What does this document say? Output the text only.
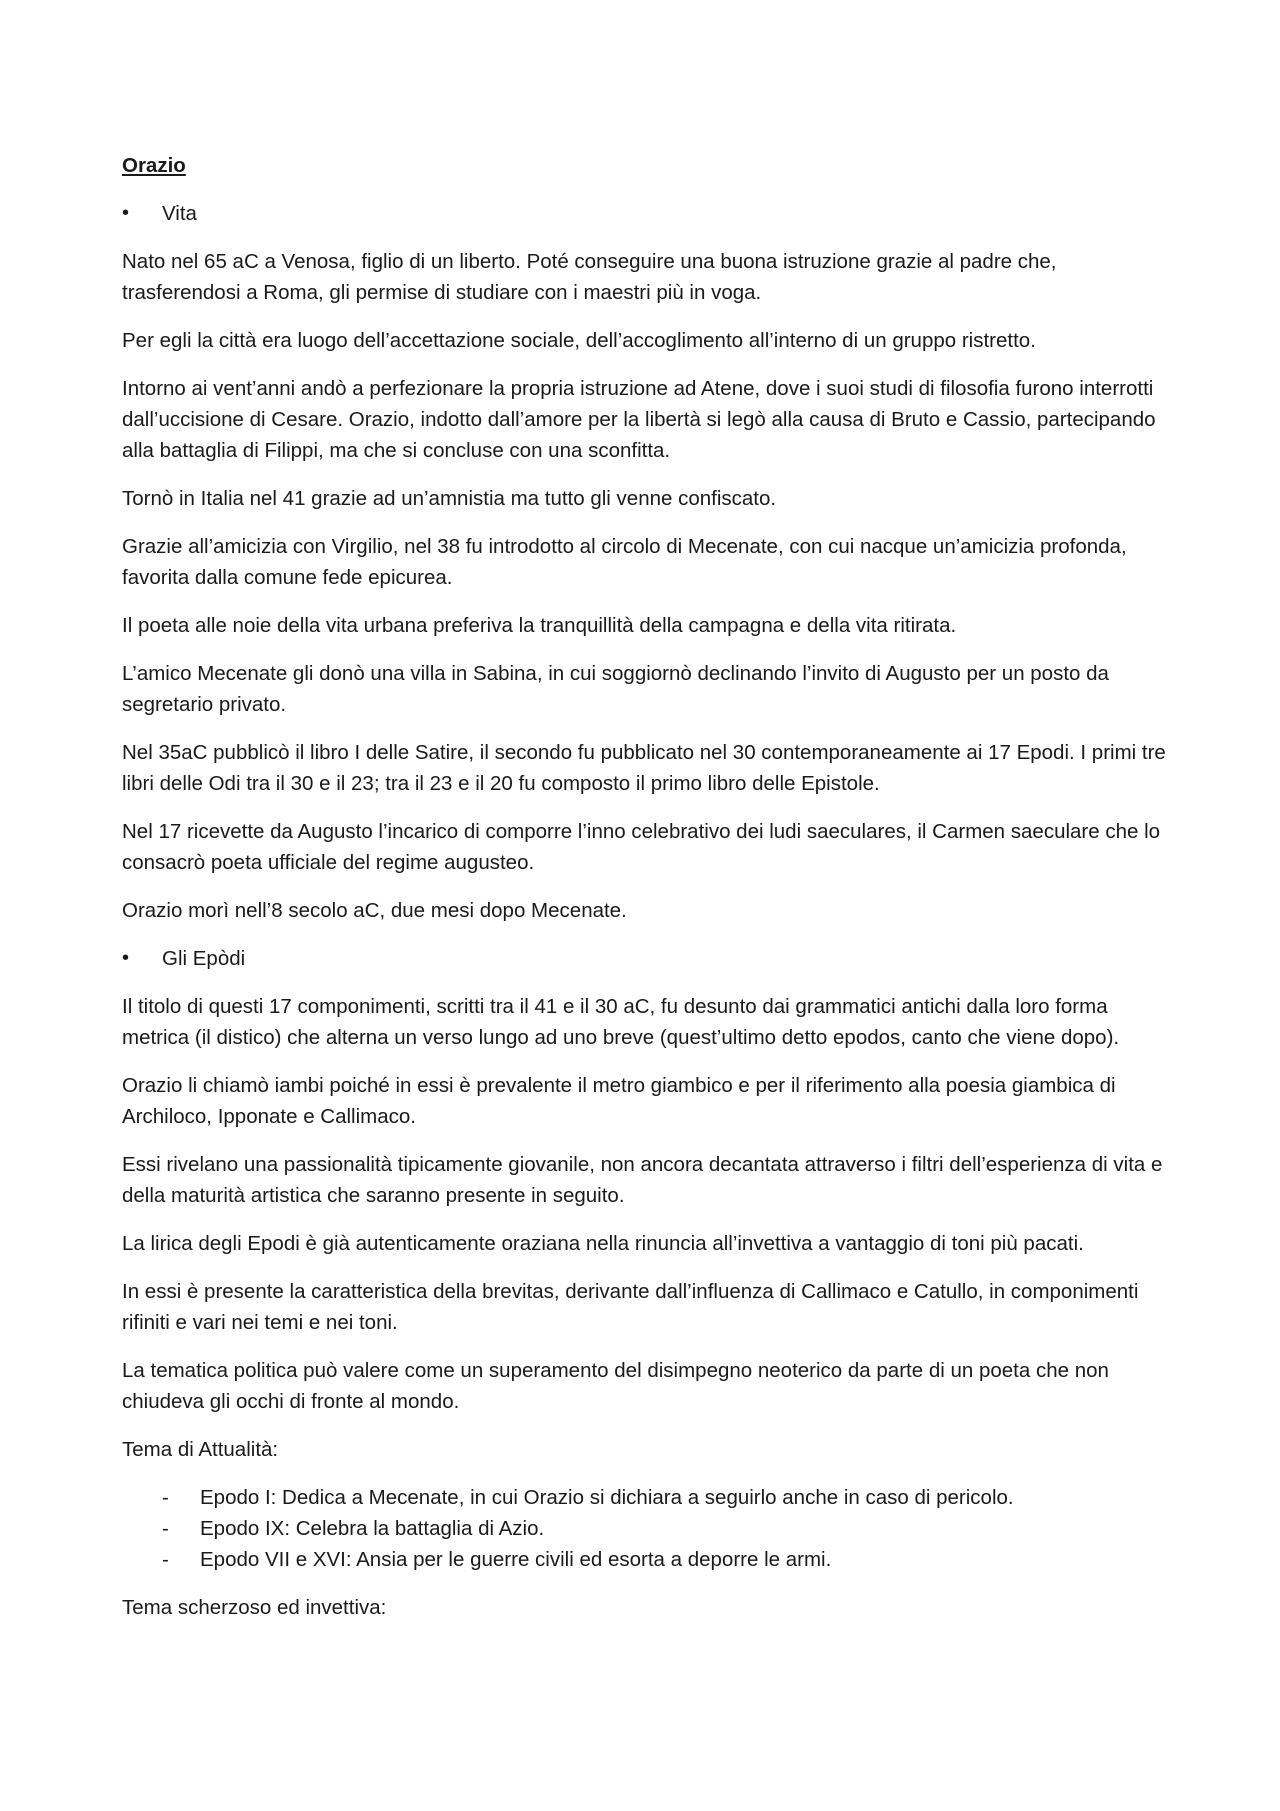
Orazio
•	Vita

Nato nel 65 aC a Venosa, figlio di un liberto. Poté conseguire una buona istruzione grazie al padre che, trasferendosi a Roma, gli permise di studiare con i maestri più in voga.

Per egli la città era luogo dell’accettazione sociale, dell’accoglimento all’interno di un gruppo ristretto.

Intorno ai vent’anni andò a perfezionare la propria istruzione ad Atene, dove i suoi studi di filosofia furono interrotti dall’uccisione di Cesare. Orazio, indotto dall’amore per la libertà si legò alla causa di Bruto e Cassio, partecipando alla battaglia di Filippi, ma che si concluse con una sconfitta.

Tornò in Italia nel 41 grazie ad un’amnistia ma tutto gli venne confiscato.

Grazie all’amicizia con Virgilio, nel 38 fu introdotto al circolo di Mecenate, con cui nacque un’amicizia profonda, favorita dalla comune fede epicurea.

Il poeta alle noie della vita urbana preferiva la tranquillità della campagna e della vita ritirata.

L’amico Mecenate gli donò una villa in Sabina, in cui soggiornò declinando l’invito di Augusto per un posto da segretario privato.

Nel 35aC pubblicò il libro I delle Satire, il secondo fu pubblicato nel 30 contemporaneamente ai 17 Epodi. I primi tre libri delle Odi tra il 30 e il 23; tra il 23 e il 20 fu composto il primo libro delle Epistole.

Nel 17 ricevette da Augusto l’incarico di comporre l’inno celebrativo dei ludi saeculares, il Carmen saeculare che lo consacrò poeta ufficiale del regime augusteo.

Orazio morì nell’8 secolo aC, due mesi dopo Mecenate.

•	Gli Epòdi

Il titolo di questi 17 componimenti, scritti tra il 41 e il 30 aC, fu desunto dai grammatici antichi dalla loro forma metrica (il distico) che alterna un verso lungo ad uno breve (quest’ultimo detto epodos, canto che viene dopo).

Orazio li chiamò iambi poiché in essi è prevalente il metro giambico e per il riferimento alla poesia giambica di Archiloco, Ipponate e Callimaco.

Essi rivelano una passionalità tipicamente giovanile, non ancora decantata attraverso i filtri dell’esperienza di vita e della maturità artistica che saranno presente in seguito.

La lirica degli Epodi è già autenticamente oraziana nella rinuncia all’invettiva a vantaggio di toni più pacati.

In essi è presente la caratteristica della brevitas, derivante dall’influenza di Callimaco e Catullo, in componimenti rifiniti e vari nei temi e nei toni.

La tematica politica può valere come un superamento del disimpegno neoterico da parte di un poeta che non chiudeva gli occhi di fronte al mondo.

Tema di Attualità:

-	Epodo I: Dedica a Mecenate, in cui Orazio si dichiara a seguirlo anche in caso di pericolo.
-	Epodo IX: Celebra la battaglia di Azio.
-	Epodo VII e XVI: Ansia per le guerre civili ed esorta a deporre le armi.

Tema scherzoso ed invettiva:
